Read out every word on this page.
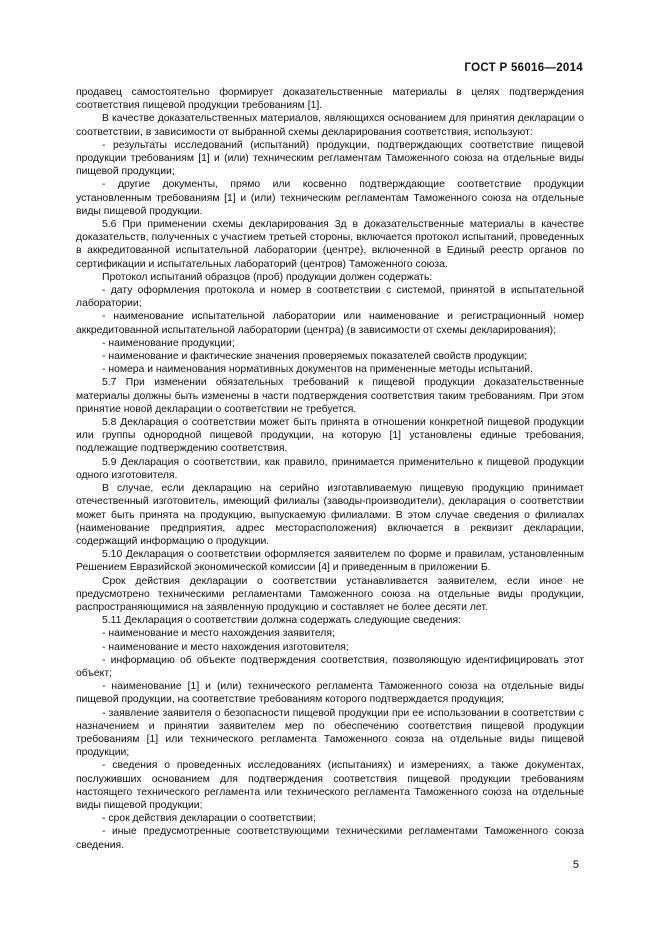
ГОСТ Р 56016—2014

продавец самостоятельно формирует доказательственные материалы в целях подтверждения соответствия пищевой продукции требованиям [1].

В качестве доказательственных материалов, являющихся основанием для принятия декларации о соответствии, в зависимости от выбранной схемы декларирования соответствия, используют:

- результаты исследований (испытаний) продукции, подтверждающих соответствие пищевой продукции требованиям [1] и (или) техническим регламентам Таможенного союза на отдельные виды пищевой продукции;

- другие документы, прямо или косвенно подтверждающие соответствие продукции установленным требованиям [1] и (или) техническим регламентам Таможенного союза на отдельные виды пищевой продукции.

5.6 При применении схемы декларирования 3д в доказательственные материалы в качестве доказательств, полученных с участием третьей стороны, включается протокол испытаний, проведенных в аккредитованной испытательной лаборатории (центре), включенной в Единый реестр органов по сертификации и испытательных лабораторий (центров) Таможенного союза.

Протокол испытаний образцов (проб) продукции должен содержать:

- дату оформления протокола и номер в соответствии с системой, принятой в испытательной лаборатории;

- наименование испытательной лаборатории или наименование и регистрационный номер аккредитованной испытательной лаборатории (центра) (в зависимости от схемы декларирования);

- наименование продукции;

- наименование и фактические значения проверяемых показателей свойств продукции;

- номера и наименования нормативных документов на примененные методы испытаний.

5.7 При изменении обязательных требований к пищевой продукции доказательственные материалы должны быть изменены в части подтверждения соответствия таким требованиям. При этом принятие новой декларации о соответствии не требуется.

5.8 Декларация о соответствии может быть принята в отношении конкретной пищевой продукции или группы однородной пищевой продукции, на которую [1] установлены единые требования, подлежащие подтверждению соответствия.

5.9 Декларация о соответствии, как правило, принимается применительно к пищевой продукции одного изготовителя.

В случае, если декларацию на серийно изготавливаемую пищевую продукцию принимает отечественный изготовитель, имеющий филиалы (заводы-производители), декларация о соответствии может быть принята на продукцию, выпускаемую филиалами. В этом случае сведения о филиалах (наименование предприятия, адрес месторасположения) включается в реквизит декларации, содержащий информацию о продукции.

5.10 Декларация о соответствии оформляется заявителем по форме и правилам, установленным Решением Евразийской экономической комиссии [4] и приведенным в приложении Б.

Срок действия декларации о соответствии устанавливается заявителем, если иное не предусмотрено техническими регламентами Таможенного союза на отдельные виды продукции, распространяющимися на заявленную продукцию и составляет не более десяти лет.

5.11 Декларация о соответствии должна содержать следующие сведения:

- наименование и место нахождения заявителя;

- наименование и место нахождения изготовителя;

- информацию об объекте подтверждения соответствия, позволяющую идентифицировать этот объект;

- наименование [1] и (или) технического регламента Таможенного союза на отдельные виды пищевой продукции, на соответствие требованиям которого подтверждается продукция;

- заявление заявителя о безопасности пищевой продукции при ее использовании в соответствии с назначением и принятии заявителем мер по обеспечению соответствия пищевой продукции требованиям [1] или технического регламента Таможенного союза на отдельные виды пищевой продукции;

- сведения о проведенных исследованиях (испытаниях) и измерениях, а также документах, послуживших основанием для подтверждения соответствия пищевой продукции требованиям настоящего технического регламента или технического регламента Таможенного союза на отдельные виды пищевой продукции;

- срок действия декларации о соответствии;

- иные предусмотренные соответствующими техническими регламентами Таможенного союза сведения.

5
